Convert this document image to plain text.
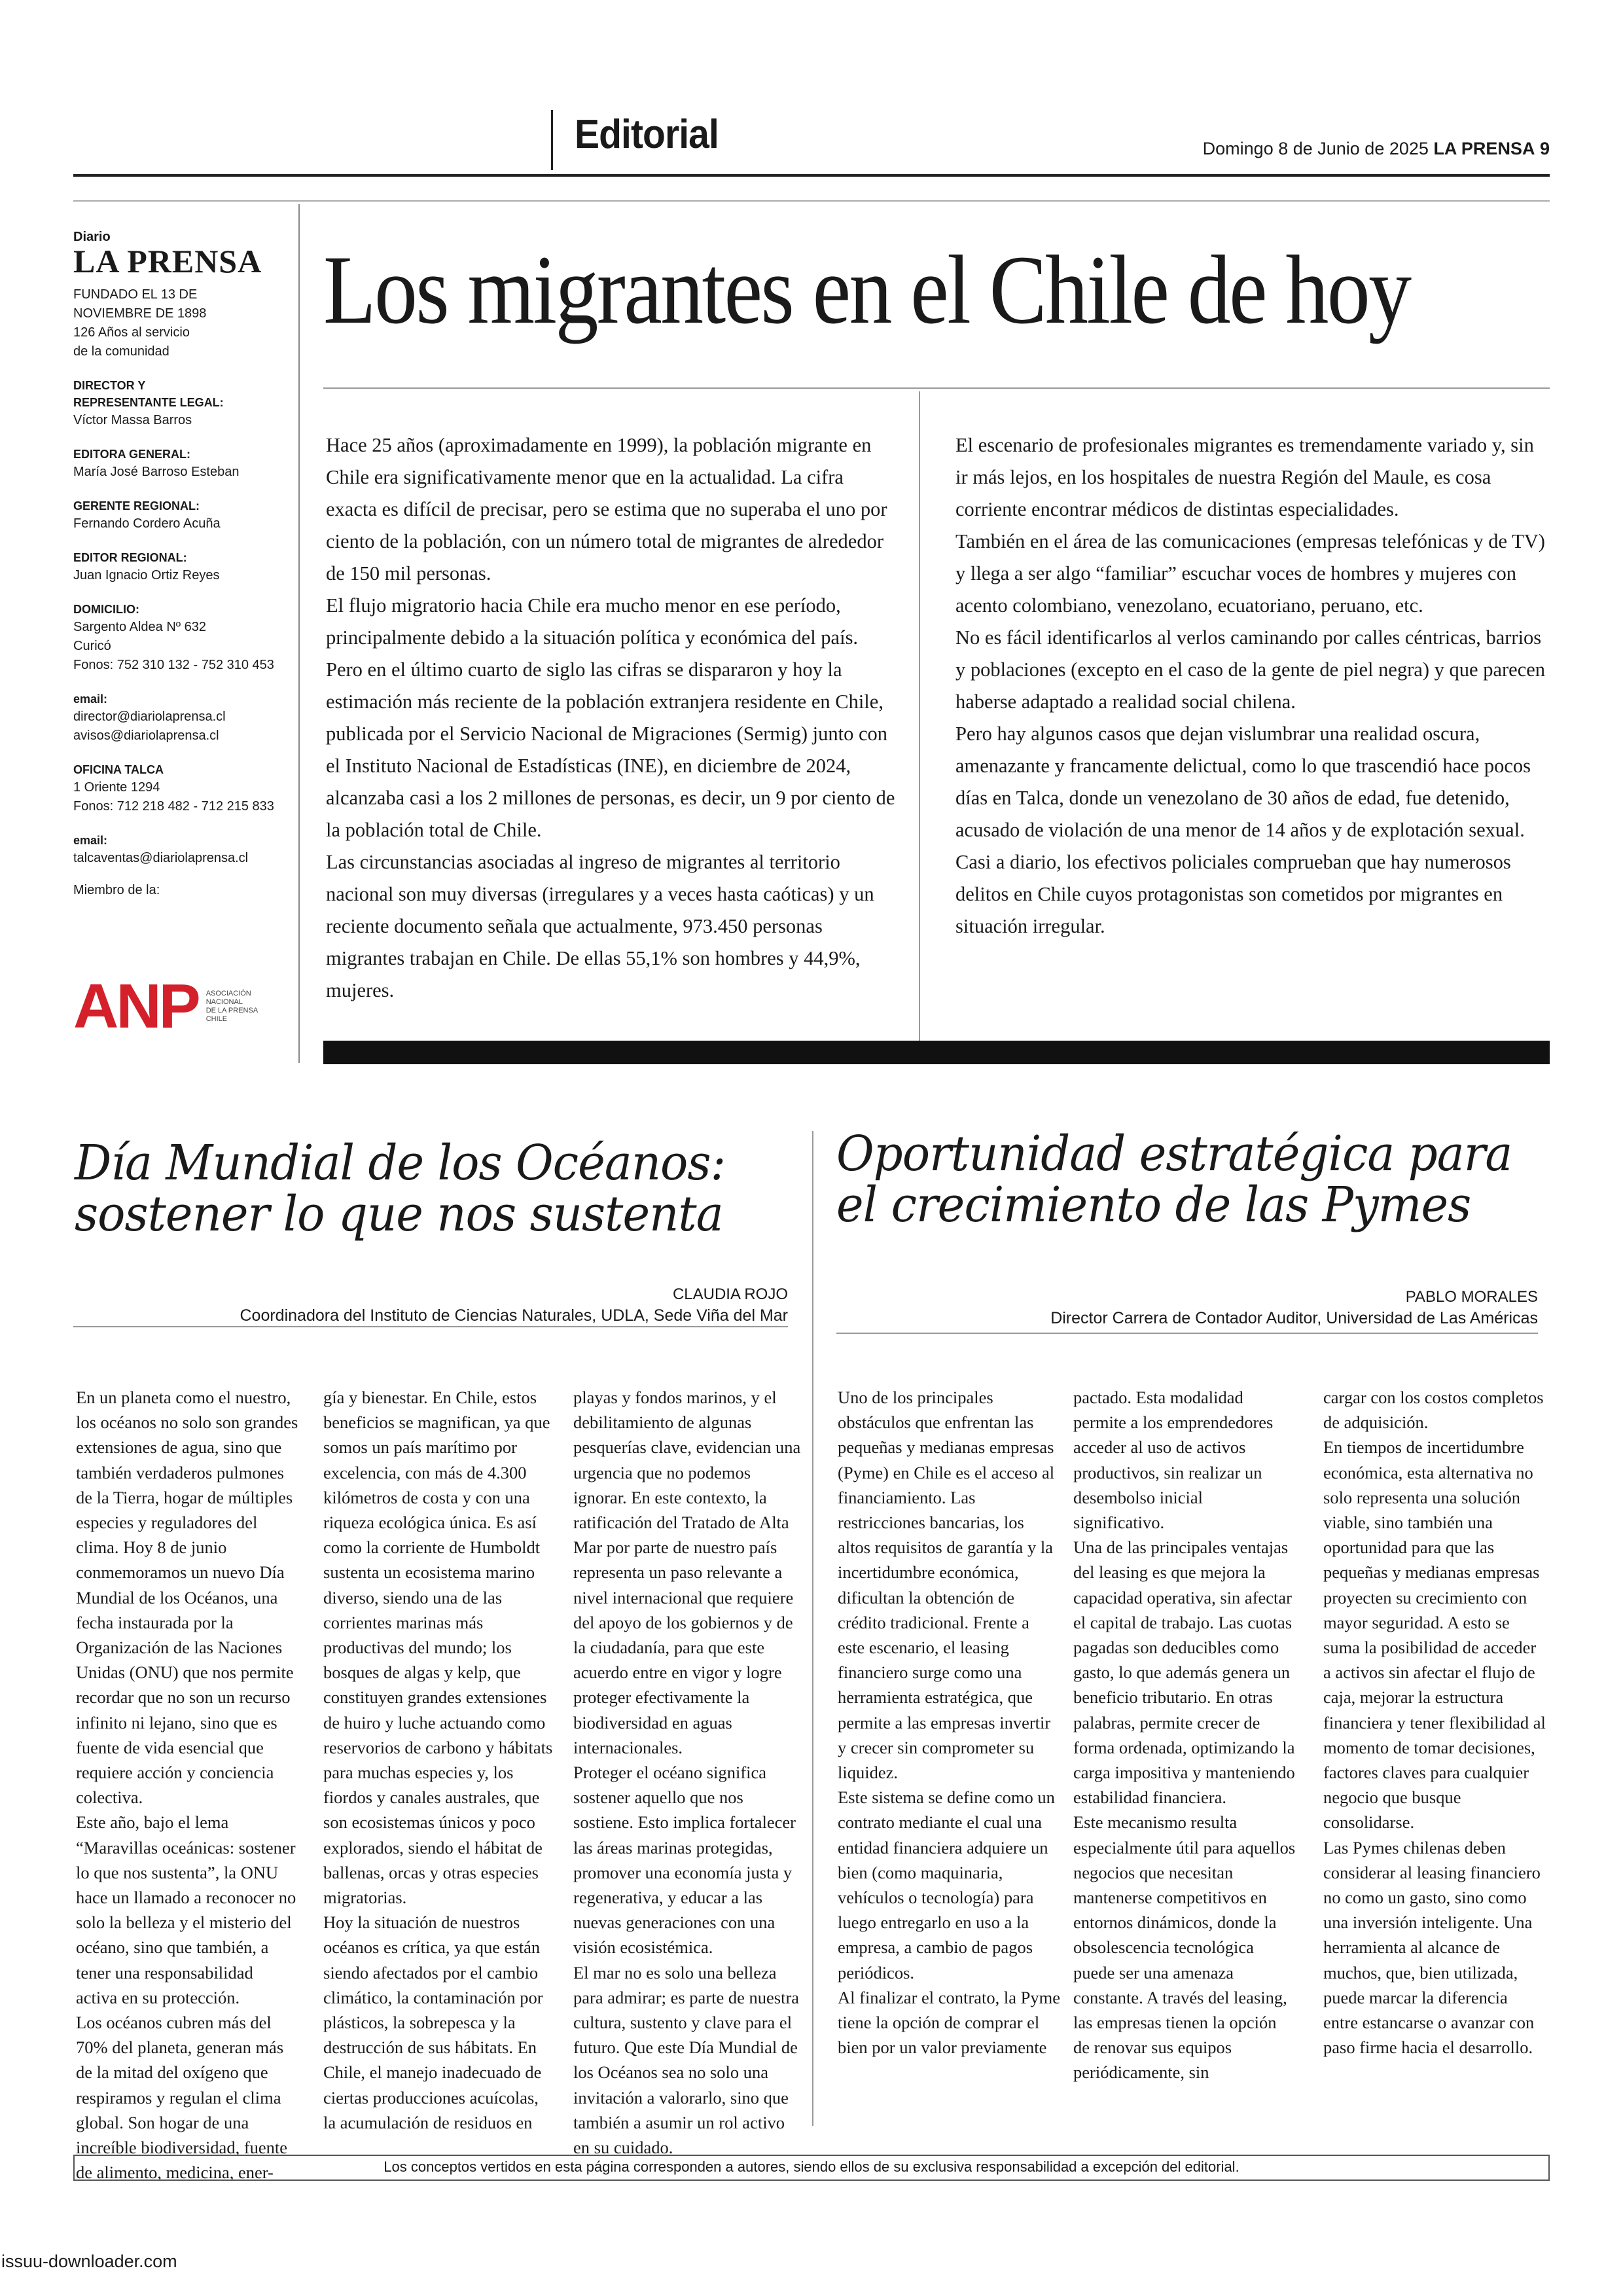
Editorial	Domingo 8 de Junio de 2025 LA PRENSA 9
Diario
LA PRENSA
FUNDADO EL 13 DE
NOVIEMBRE DE 1898
126 Años al servicio
de la comunidad
DIRECTOR Y
REPRESENTANTE LEGAL:
Víctor Massa Barros
EDITORA GENERAL:
María José Barroso Esteban
GERENTE REGIONAL:
Fernando Cordero Acuña
EDITOR REGIONAL:
Juan Ignacio Ortiz Reyes
DOMICILIO:
Sargento Aldea Nº 632
Curicó
Fonos: 752 310 132 - 752 310 453
email:
director@diariolaprensa.cl
avisos@diariolaprensa.cl
OFICINA TALCA
1 Oriente 1294
Fonos: 712 218 482 - 712 215 833
email:
talcaventas@diariolaprensa.cl
Miembro de la:
ANP ASOCIACIÓN
NACIONAL
DE LA PRENSA
CHILE
Los migrantes en el Chile de hoy

Hace 25 años (aproximadamente en 1999), la población migrante en Chile era significativamente menor que en la actualidad. La cifra exacta es difícil de precisar, pero se estima que no superaba el uno por ciento de la población, con un número total de migrantes de alrededor de 150 mil personas.

El flujo migratorio hacia Chile era mucho menor en ese período, principalmente debido a la situación política y económica del país.

Pero en el último cuarto de siglo las cifras se dispararon y hoy la estimación más reciente de la población extranjera residente en Chile, publicada por el Servicio Nacional de Migraciones (Sermig) junto con el Instituto Nacional de Estadísticas (INE), en diciembre de 2024, alcanzaba casi a los 2 millones de personas, es decir, un 9 por ciento de la población total de Chile.

Las circunstancias asociadas al ingreso de migrantes al territorio nacional son muy diversas (irregulares y a veces hasta caóticas) y un reciente documento señala que actualmente, 973.450 personas migrantes trabajan en Chile. De ellas 55,1% son hombres y 44,9%, mujeres.

El escenario de profesionales migrantes es tremendamente variado y, sin ir más lejos, en los hospitales de nuestra Región del Maule, es cosa corriente encontrar médicos de distintas especialidades.

También en el área de las comunicaciones (empresas telefónicas y de TV) y llega a ser algo “familiar” escuchar voces de hombres y mujeres con acento colombiano, venezolano, ecuatoriano, peruano, etc.

No es fácil identificarlos al verlos caminando por calles céntricas, barrios y poblaciones (excepto en el caso de la gente de piel negra) y que parecen haberse adaptado a realidad social chilena.

Pero hay algunos casos que dejan vislumbrar una realidad oscura, amenazante y francamente delictual, como lo que trascendió hace pocos días en Talca, donde un venezolano de 30 años de edad, fue detenido, acusado de violación de una menor de 14 años y de explotación sexual.

Casi a diario, los efectivos policiales comprueban que hay numerosos delitos en Chile cuyos protagonistas son cometidos por migrantes en situación irregular.

Día Mundial de los Océanos:
sostener lo que nos sustenta
CLAUDIA ROJO
Coordinadora del Instituto de Ciencias Naturales, UDLA, Sede Viña del Mar

En un planeta como el nuestro, los océanos no solo son grandes extensiones de agua, sino que también verdaderos pulmones de la Tierra, hogar de múltiples especies y reguladores del clima. Hoy 8 de junio conmemoramos un nuevo Día Mundial de los Océanos, una fecha instaurada por la Organización de las Naciones Unidas (ONU) que nos permite recordar que no son un recurso infinito ni lejano, sino que es fuente de vida esencial que requiere acción y conciencia colectiva.

Este año, bajo el lema “Maravillas oceánicas: sostener lo que nos sustenta”, la ONU hace un llamado a reconocer no solo la belleza y el misterio del océano, sino que también, a tener una responsabilidad activa en su protección.

Los océanos cubren más del 70% del planeta, generan más de la mitad del oxígeno que respiramos y regulan el clima global. Son hogar de una increíble biodiversidad, fuente de alimento, medicina, ener-

gía y bienestar. En Chile, estos beneficios se magnifican, ya que somos un país marítimo por excelencia, con más de 4.300 kilómetros de costa y con una riqueza ecológica única. Es así como la corriente de Humboldt sustenta un ecosistema marino diverso, siendo una de las corrientes marinas más productivas del mundo; los bosques de algas y kelp, que constituyen grandes extensiones de huiro y luche actuando como reservorios de carbono y hábitats para muchas especies y, los fiordos y canales australes, que son ecosistemas únicos y poco explorados, siendo el hábitat de ballenas, orcas y otras especies migratorias.

Hoy la situación de nuestros océanos es crítica, ya que están siendo afectados por el cambio climático, la contaminación por plásticos, la sobrepesca y la destrucción de sus hábitats. En Chile, el manejo inadecuado de ciertas producciones acuícolas, la acumulación de residuos en

playas y fondos marinos, y el debilitamiento de algunas pesquerías clave, evidencian una urgencia que no podemos ignorar. En este contexto, la ratificación del Tratado de Alta Mar por parte de nuestro país representa un paso relevante a nivel internacional que requiere del apoyo de los gobiernos y de la ciudadanía, para que este acuerdo entre en vigor y logre proteger efectivamente la biodiversidad en aguas internacionales.

Proteger el océano significa sostener aquello que nos sostiene. Esto implica fortalecer las áreas marinas protegidas, promover una economía justa y regenerativa, y educar a las nuevas generaciones con una visión ecosistémica.

El mar no es solo una belleza para admirar; es parte de nuestra cultura, sustento y clave para el futuro. Que este Día Mundial de los Océanos sea no solo una invitación a valorarlo, sino que también a asumir un rol activo en su cuidado.

Oportunidad estratégica para
el crecimiento de las Pymes
PABLO MORALES
Director Carrera de Contador Auditor, Universidad de Las Américas

Uno de los principales obstáculos que enfrentan las pequeñas y medianas empresas (Pyme) en Chile es el acceso al financiamiento. Las restricciones bancarias, los altos requisitos de garantía y la incertidumbre económica, dificultan la obtención de crédito tradicional. Frente a este escenario, el leasing financiero surge como una herramienta estratégica, que permite a las empresas invertir y crecer sin comprometer su liquidez.

Este sistema se define como un contrato mediante el cual una entidad financiera adquiere un bien (como maquinaria, vehículos o tecnología) para luego entregarlo en uso a la empresa, a cambio de pagos periódicos.

Al finalizar el contrato, la Pyme tiene la opción de comprar el bien por un valor previamente

pactado. Esta modalidad permite a los emprendedores acceder al uso de activos productivos, sin realizar un desembolso inicial significativo.

Una de las principales ventajas del leasing es que mejora la capacidad operativa, sin afectar el capital de trabajo. Las cuotas pagadas son deducibles como gasto, lo que además genera un beneficio tributario. En otras palabras, permite crecer de forma ordenada, optimizando la carga impositiva y manteniendo estabilidad financiera.

Este mecanismo resulta especialmente útil para aquellos negocios que necesitan mantenerse competitivos en entornos dinámicos, donde la obsolescencia tecnológica puede ser una amenaza constante. A través del leasing, las empresas tienen la opción de renovar sus equipos periódicamente, sin

cargar con los costos completos de adquisición.

En tiempos de incertidumbre económica, esta alternativa no solo representa una solución viable, sino también una oportunidad para que las pequeñas y medianas empresas proyecten su crecimiento con mayor seguridad. A esto se suma la posibilidad de acceder a activos sin afectar el flujo de caja, mejorar la estructura financiera y tener flexibilidad al momento de tomar decisiones, factores claves para cualquier negocio que busque consolidarse.

Las Pymes chilenas deben considerar al leasing financiero no como un gasto, sino como una inversión inteligente. Una herramienta al alcance de muchos, que, bien utilizada, puede marcar la diferencia entre estancarse o avanzar con paso firme hacia el desarrollo.

Los conceptos vertidos en esta página corresponden a autores, siendo ellos de su exclusiva responsabilidad a excepción del editorial.
issuu-downloader.com
